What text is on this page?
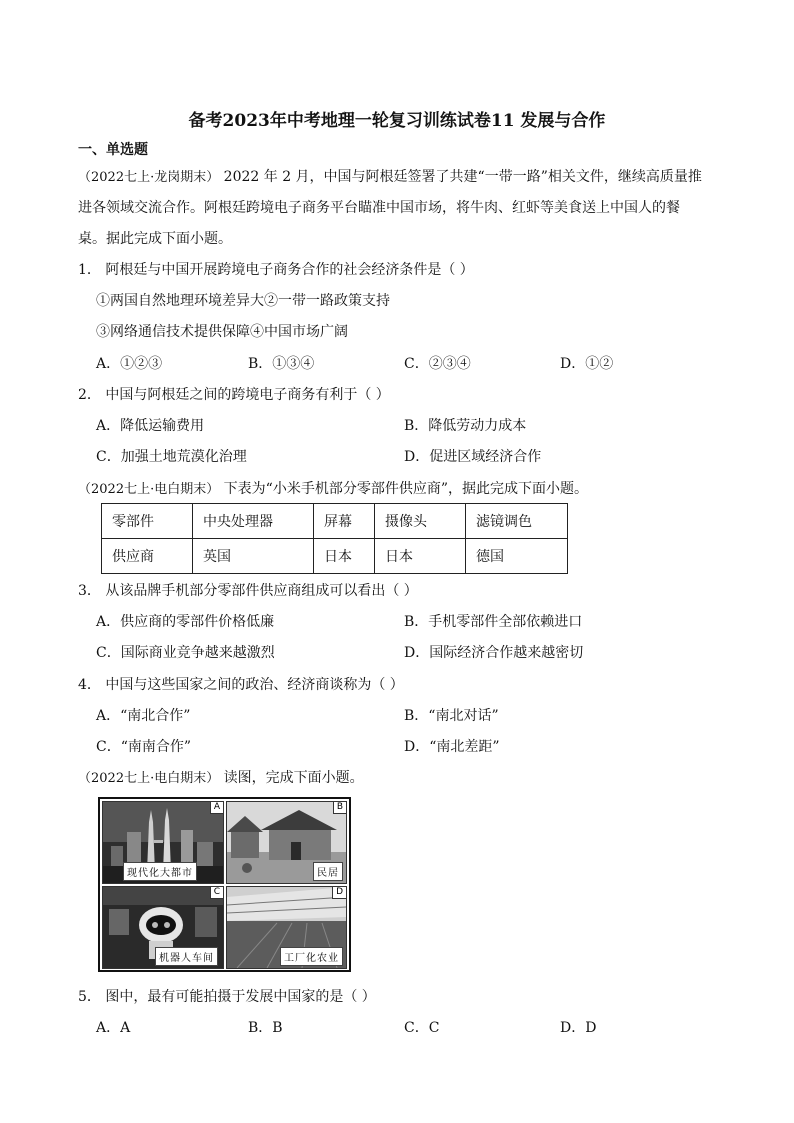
备考2023年中考地理一轮复习训练试卷11 发展与合作
一、单选题
（2022七上·龙岗期末） 2022 年 2 月，中国与阿根廷签署了共建“一带一路”相关文件，继续高质量推
进各领域交流合作。阿根廷跨境电子商务平台瞄准中国市场，将牛肉、红虾等美食送上中国人的餐
桌。据此完成下面小题。
1． 阿根廷与中国开展跨境电子商务合作的社会经济条件是（ ）
①两国自然地理环境差异大②一带一路政策支持
③网络通信技术提供保障④中国市场广阔
A．①②③	B．①③④	C．②③④	D．①②
2． 中国与阿根廷之间的跨境电子商务有利于（ ）
A．降低运输费用	B．降低劳动力成本
C．加强土地荒漠化治理	D．促进区域经济合作
（2022七上·电白期末） 下表为“小米手机部分零部件供应商”，据此完成下面小题。
零部件	中央处理器	屏幕	摄像头	滤镜调色
供应商	英国	日本	日本	德国
3． 从该品牌手机部分零部件供应商组成可以看出（ ）
A．供应商的零部件价格低廉	B．手机零部件全部依赖进口
C．国际商业竞争越来越激烈	D．国际经济合作越来越密切
4． 中国与这些国家之间的政治、经济商谈称为（ ）
A．“南北合作”	B．“南北对话”
C．“南南合作”	D．“南北差距”
（2022七上·电白期末） 读图，完成下面小题。
A
现代化大都市
B
民居
C
机器人车间
D
工厂化农业
5． 图中，最有可能拍摄于发展中国家的是（ ）
A．A	B．B	C．C	D．D
